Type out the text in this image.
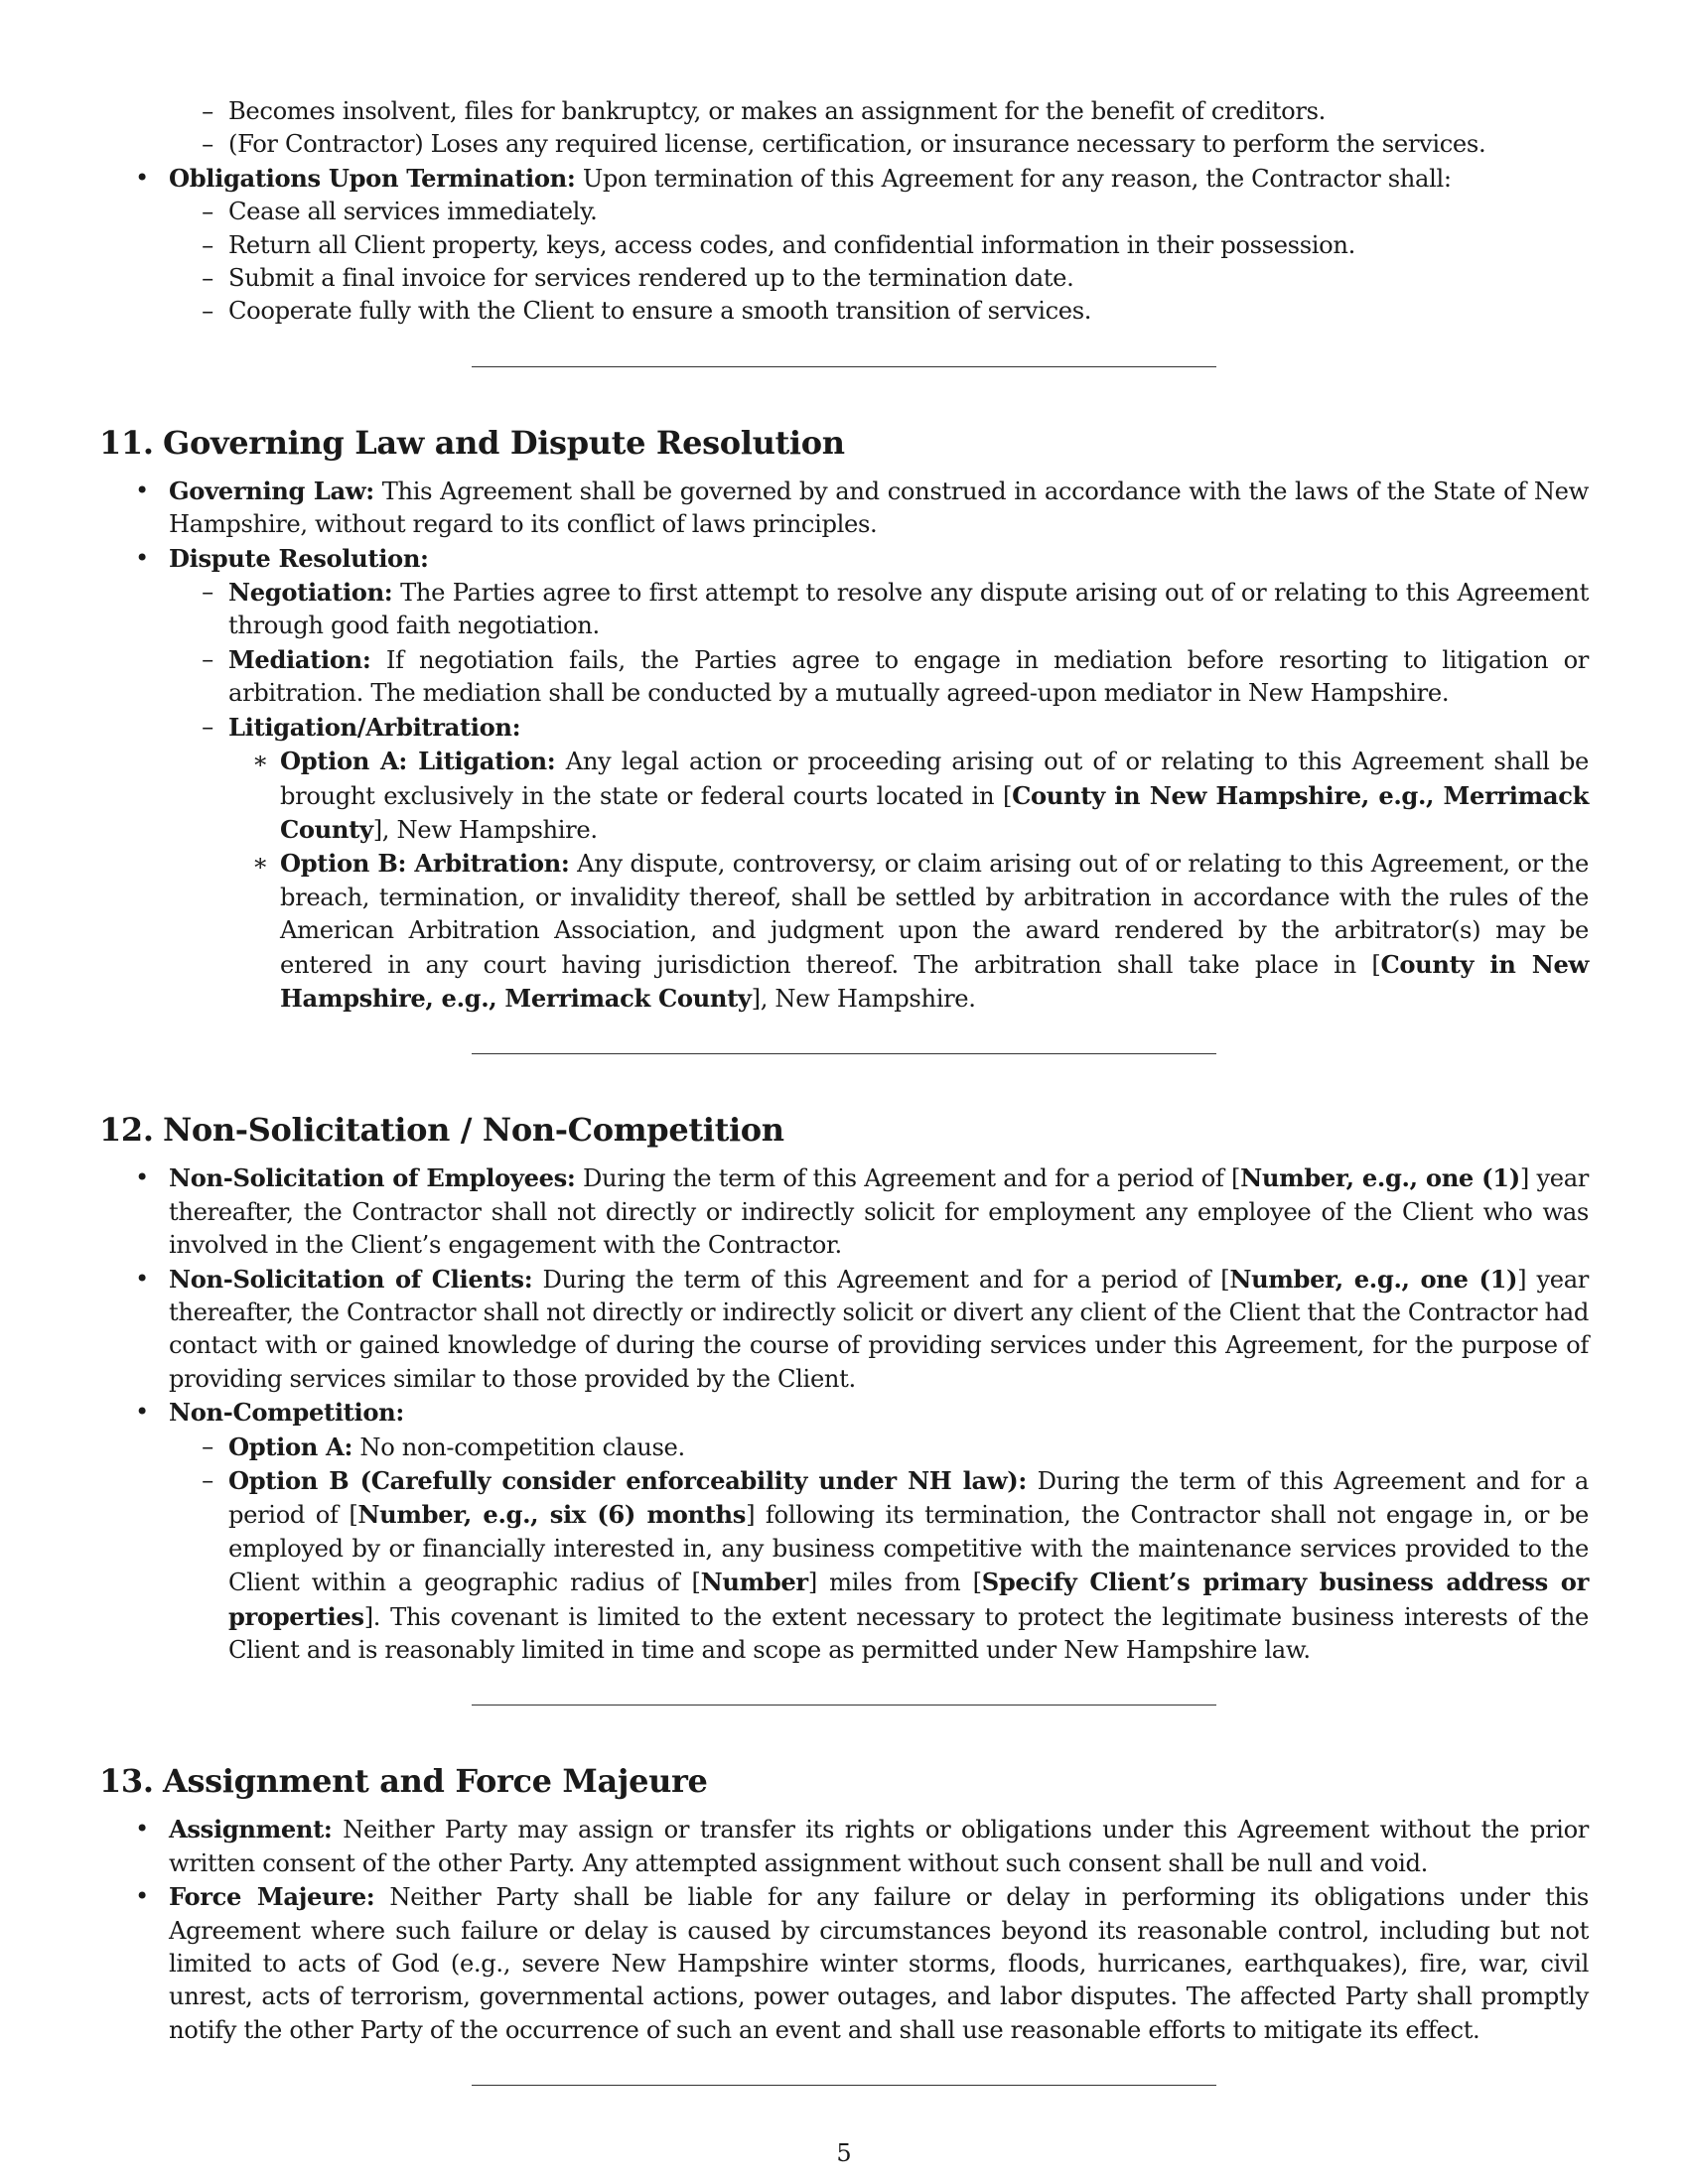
– Becomes insolvent, files for bankruptcy, or makes an assignment for the benefit of creditors.
– (For Contractor) Loses any required license, certification, or insurance necessary to perform the services.
• Obligations Upon Termination: Upon termination of this Agreement for any reason, the Contractor shall:
– Cease all services immediately.
– Return all Client property, keys, access codes, and confidential information in their possession.
– Submit a final invoice for services rendered up to the termination date.
– Cooperate fully with the Client to ensure a smooth transition of services.
11. Governing Law and Dispute Resolution
• Governing Law: This Agreement shall be governed by and construed in accordance with the laws of the State of New Hampshire, without regard to its conflict of laws principles.
• Dispute Resolution:
– Negotiation: The Parties agree to first attempt to resolve any dispute arising out of or relating to this Agreement through good faith negotiation.
– Mediation: If negotiation fails, the Parties agree to engage in mediation before resorting to litigation or arbitration. The mediation shall be conducted by a mutually agreed-upon mediator in New Hampshire.
– Litigation/Arbitration:
∗ Option A: Litigation: Any legal action or proceeding arising out of or relating to this Agreement shall be brought exclusively in the state or federal courts located in [County in New Hampshire, e.g., Merrimack County], New Hampshire.
∗ Option B: Arbitration: Any dispute, controversy, or claim arising out of or relating to this Agreement, or the breach, termination, or invalidity thereof, shall be settled by arbitration in accordance with the rules of the American Arbitration Association, and judgment upon the award rendered by the arbitrator(s) may be entered in any court having jurisdiction thereof. The arbitration shall take place in [County in New Hampshire, e.g., Merrimack County], New Hampshire.
12. Non-Solicitation / Non-Competition
• Non-Solicitation of Employees: During the term of this Agreement and for a period of [Number, e.g., one (1)] year thereafter, the Contractor shall not directly or indirectly solicit for employment any employee of the Client who was involved in the Client’s engagement with the Contractor.
• Non-Solicitation of Clients: During the term of this Agreement and for a period of [Number, e.g., one (1)] year thereafter, the Contractor shall not directly or indirectly solicit or divert any client of the Client that the Contractor had contact with or gained knowledge of during the course of providing services under this Agreement, for the purpose of providing services similar to those provided by the Client.
• Non-Competition:
– Option A: No non-competition clause.
– Option B (Carefully consider enforceability under NH law): During the term of this Agreement and for a period of [Number, e.g., six (6) months] following its termination, the Contractor shall not engage in, or be employed by or financially interested in, any business competitive with the maintenance services provided to the Client within a geographic radius of [Number] miles from [Specify Client’s primary business address or properties]. This covenant is limited to the extent necessary to protect the legitimate business interests of the Client and is reasonably limited in time and scope as permitted under New Hampshire law.
13. Assignment and Force Majeure
• Assignment: Neither Party may assign or transfer its rights or obligations under this Agreement without the prior written consent of the other Party. Any attempted assignment without such consent shall be null and void.
• Force Majeure: Neither Party shall be liable for any failure or delay in performing its obligations under this Agreement where such failure or delay is caused by circumstances beyond its reasonable control, including but not limited to acts of God (e.g., severe New Hampshire winter storms, floods, hurricanes, earthquakes), fire, war, civil unrest, acts of terrorism, governmental actions, power outages, and labor disputes. The affected Party shall promptly notify the other Party of the occurrence of such an event and shall use reasonable efforts to mitigate its effect.
5
